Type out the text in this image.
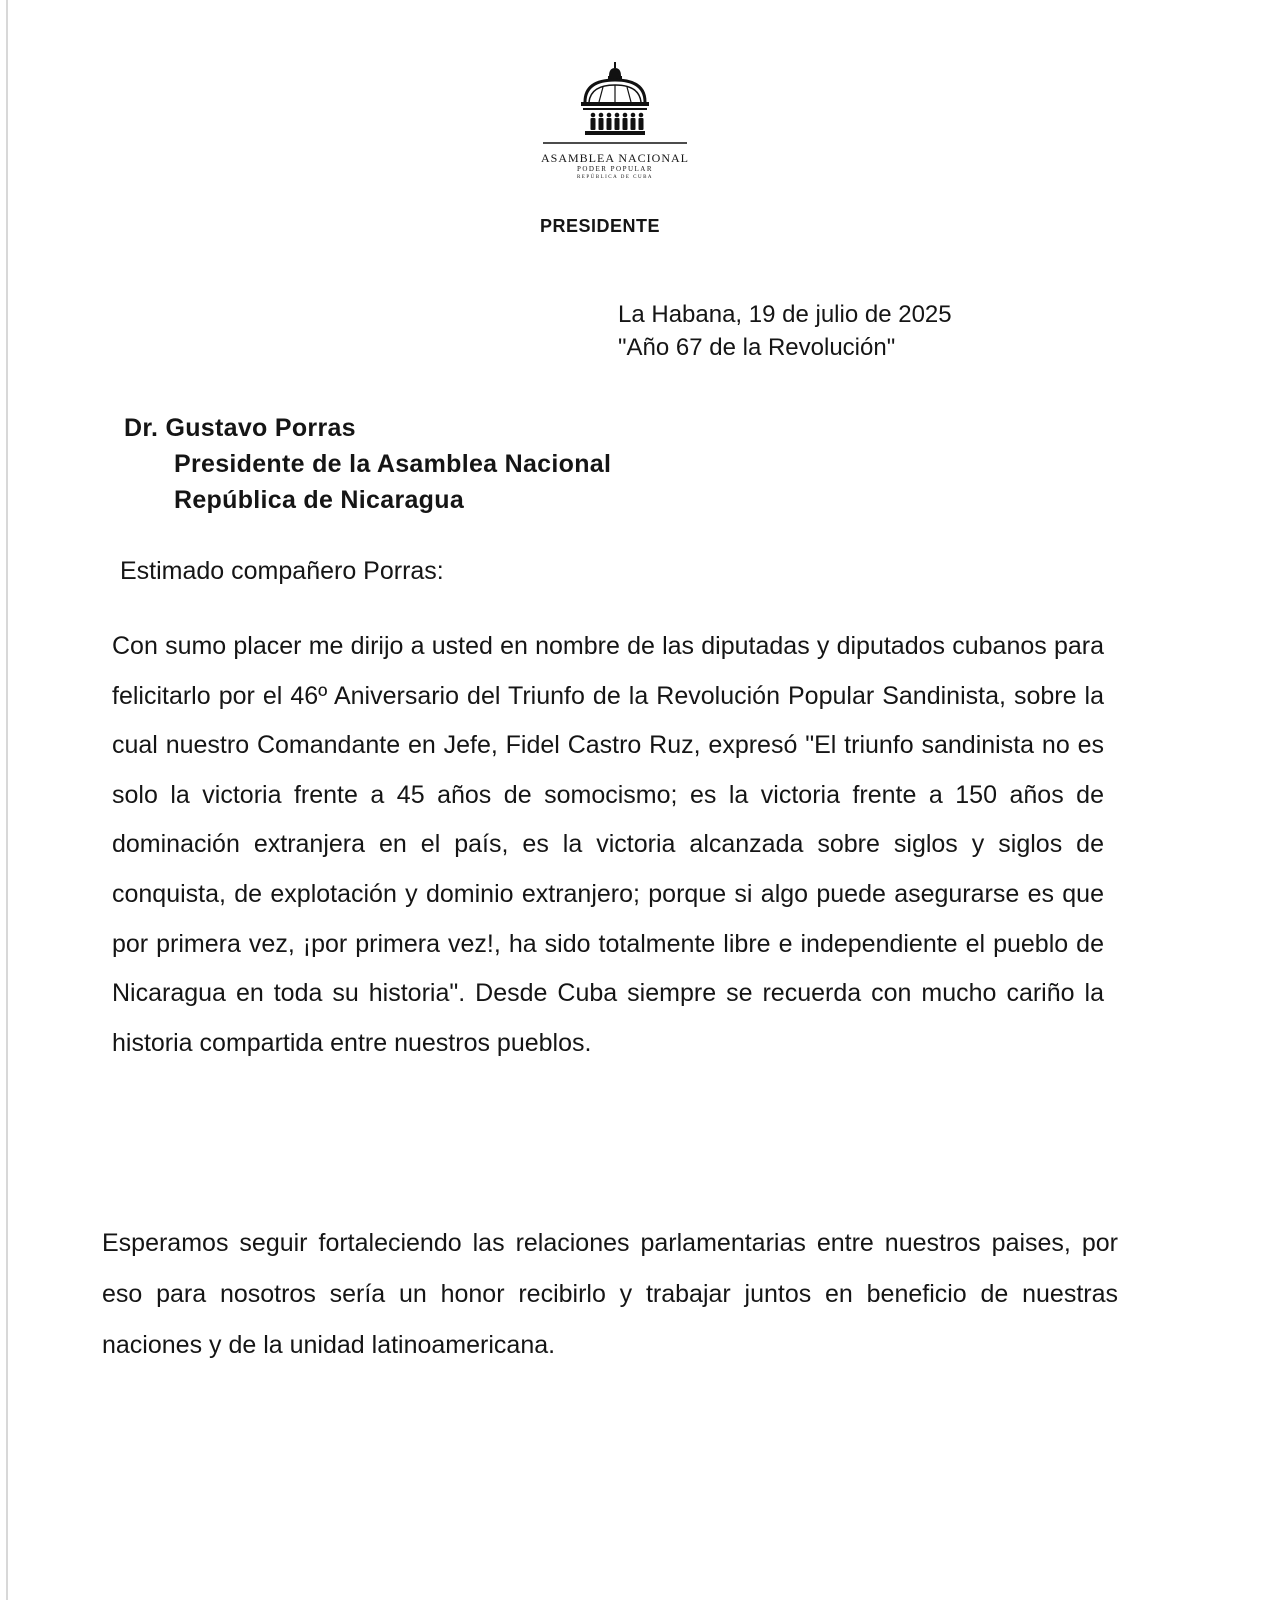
ASAMBLEA NACIONAL
PODER POPULAR
REPÚBLICA DE CUBA
PRESIDENTE
La Habana, 19 de julio de 2025
"Año 67 de la Revolución"
Dr. Gustavo Porras
Presidente de la Asamblea Nacional
República de Nicaragua
Estimado compañero Porras:
Con sumo placer me dirijo a usted en nombre de las diputadas y diputados cubanos para felicitarlo por el 46º Aniversario del Triunfo de la Revolución Popular Sandinista, sobre la cual nuestro Comandante en Jefe, Fidel Castro Ruz, expresó "El triunfo sandinista no es solo la victoria frente a 45 años de somocismo; es la victoria frente a 150 años de dominación extranjera en el país, es la victoria alcanzada sobre siglos y siglos de conquista, de explotación y dominio extranjero; porque si algo puede asegurarse es que por primera vez, ¡por primera vez!, ha sido totalmente libre e independiente el pueblo de Nicaragua en toda su historia". Desde Cuba siempre se recuerda con mucho cariño la historia compartida entre nuestros pueblos.
Esperamos seguir fortaleciendo las relaciones parlamentarias entre nuestros paises, por eso para nosotros sería un honor recibirlo y trabajar juntos en beneficio de nuestras naciones y de la unidad latinoamericana.
